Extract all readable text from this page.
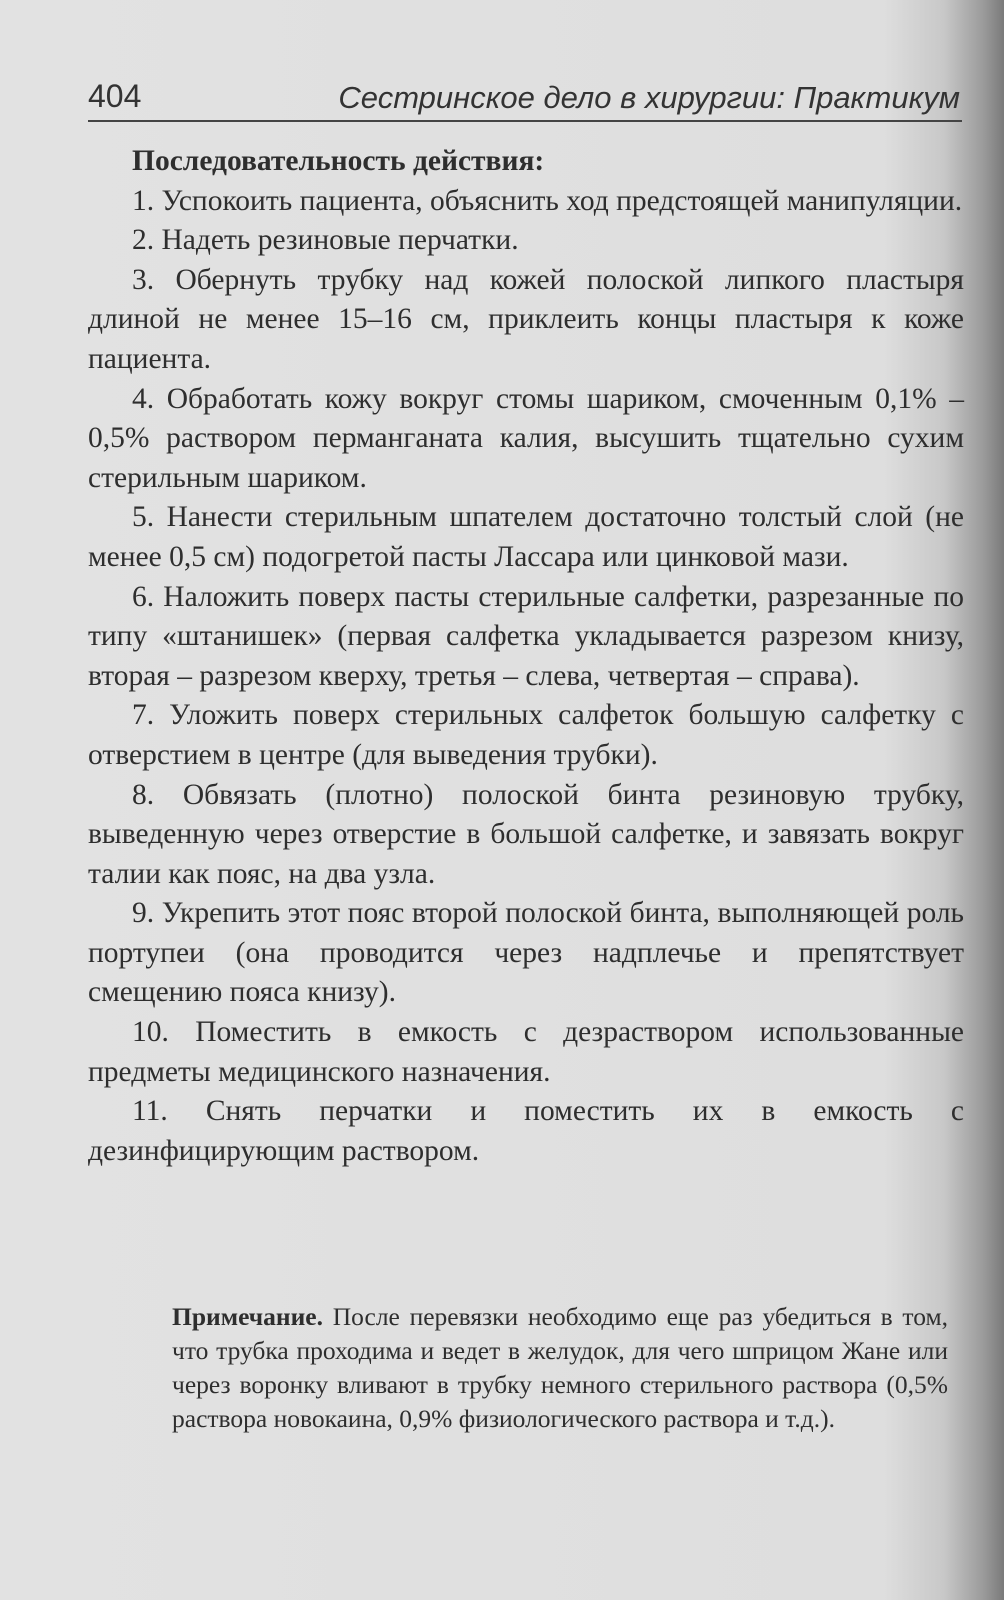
404	Сестринское дело в хирургии: Практикум

Последовательность действия:

1. Успокоить пациента, объяснить ход предстоящей манипуляции.

2. Надеть резиновые перчатки.

3. Обернуть трубку над кожей полоской липкого пластыря длиной не менее 15–16 см, приклеить концы пластыря к коже пациента.

4. Обработать кожу вокруг стомы шариком, смоченным 0,1% – 0,5% раствором перманганата калия, высушить тщательно сухим стерильным шариком.

5. Нанести стерильным шпателем достаточно толстый слой (не менее 0,5 см) подогретой пасты Лассара или цинковой мази.

6. Наложить поверх пасты стерильные салфетки, разрезанные по типу «штанишек» (первая салфетка укладывается разрезом книзу, вторая – разрезом кверху, третья – слева, четвертая – справа).

7. Уложить поверх стерильных салфеток большую салфетку с отверстием в центре (для выведения трубки).

8. Обвязать (плотно) полоской бинта резиновую трубку, выведенную через отверстие в большой салфетке, и завязать вокруг талии как пояс, на два узла.

9. Укрепить этот пояс второй полоской бинта, выполняющей роль портупеи (она проводится через надплечье и препятствует смещению пояса книзу).

10. Поместить в емкость с дезраствором использованные предметы медицинского назначения.

11. Снять перчатки и поместить их в емкость с дезинфицирующим раствором.

Примечание. После перевязки необходимо еще раз убедиться в том, что трубка проходима и ведет в желудок, для чего шприцом Жане или через воронку вливают в трубку немного стерильного раствора (0,5% раствора новокаина, 0,9% физиологического раствора и т.д.).
